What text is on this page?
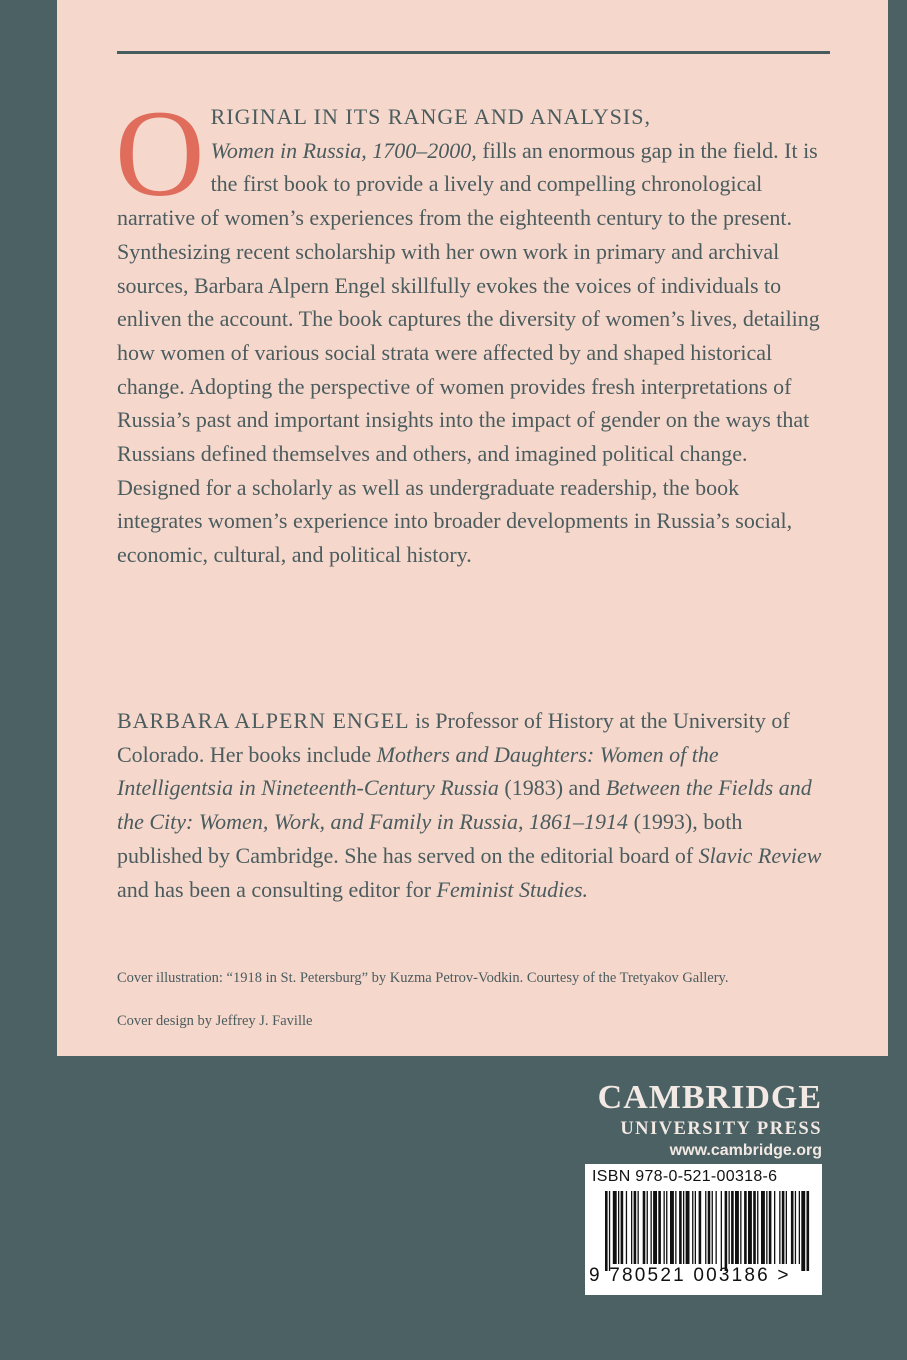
ORIGINAL IN ITS RANGE AND ANALYSIS,
Women in Russia, 1700–2000, fills an enormous gap in the field. It is the first book to provide a lively and compelling chronological narrative of women’s experiences from the eighteenth century to the present. Synthesizing recent scholarship with her own work in primary and archival sources, Barbara Alpern Engel skillfully evokes the voices of individuals to enliven the account. The book captures the diversity of women’s lives, detailing how women of various social strata were affected by and shaped historical change. Adopting the perspective of women provides fresh interpretations of Russia’s past and important insights into the impact of gender on the ways that Russians defined themselves and others, and imagined political change. Designed for a scholarly as well as undergraduate readership, the book integrates women’s experience into broader developments in Russia’s social, economic, cultural, and political history.

BARBARA ALPERN ENGEL is Professor of History at the University of Colorado. Her books include Mothers and Daughters: Women of the Intelligentsia in Nineteenth-Century Russia (1983) and Between the Fields and the City: Women, Work, and Family in Russia, 1861–1914 (1993), both published by Cambridge. She has served on the editorial board of Slavic Review and has been a consulting editor for Feminist Studies.

Cover illustration: “1918 in St. Petersburg” by Kuzma Petrov-Vodkin. Courtesy of the Tretyakov Gallery.

Cover design by Jeffrey J. Faville

CAMBRIDGE
UNIVERSITY PRESS
www.cambridge.org
ISBN 978-0-521-00318-6
9 780521 003186 >
